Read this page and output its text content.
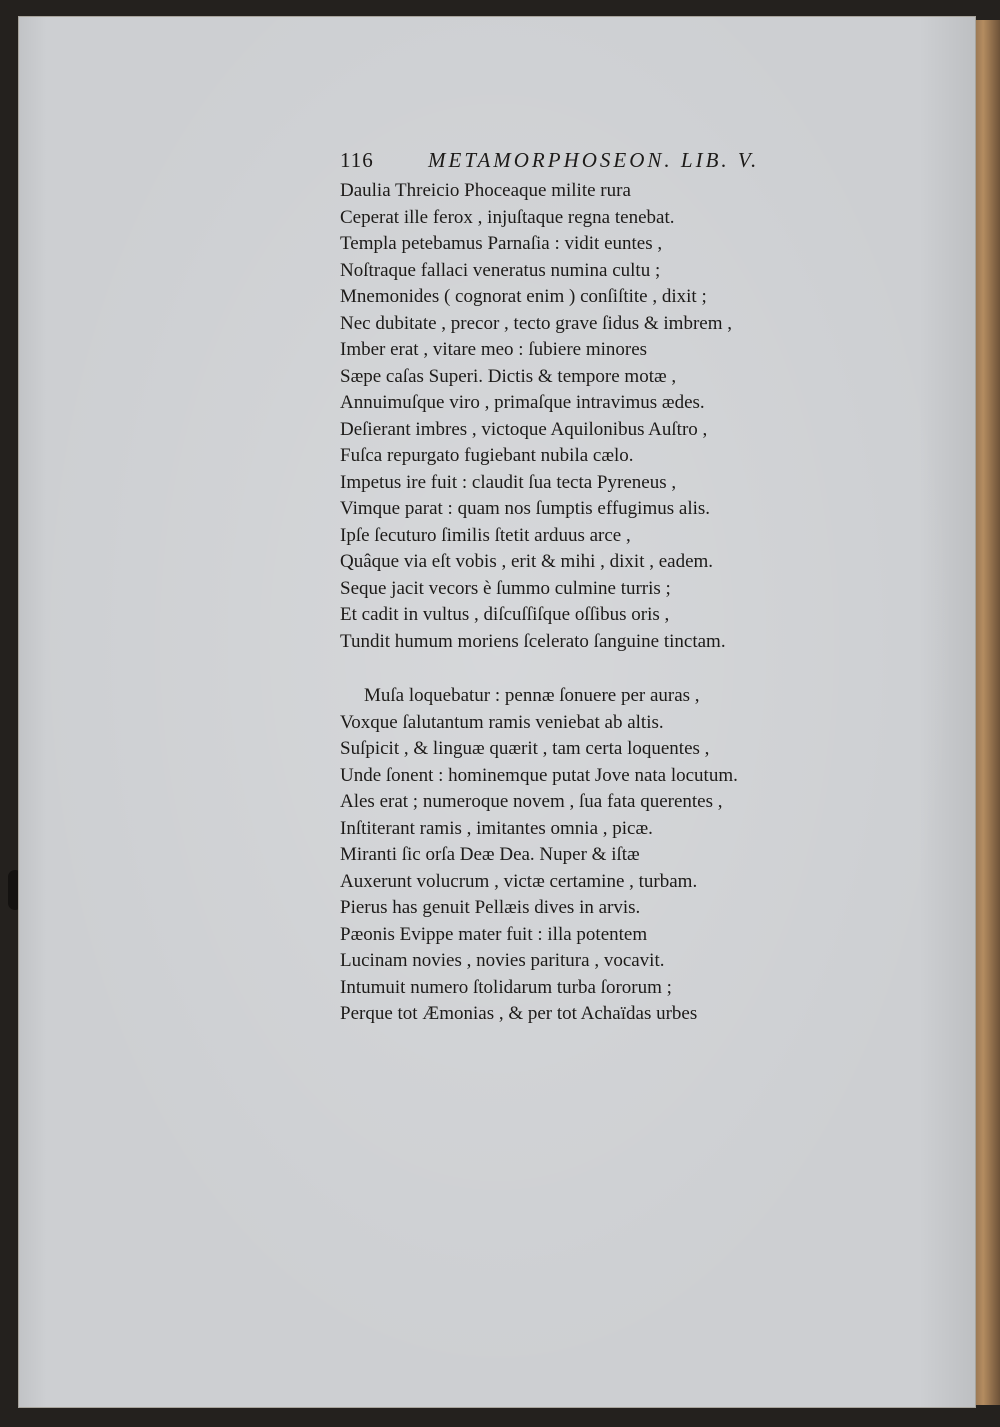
116	METAMORPHOSEON. LIB. V.
Daulia Threicio Phoceaque milite rura
Ceperat ille ferox , injuſtaque regna tenebat.
Templa petebamus Parnaſia : vidit euntes ,
Noſtraque fallaci veneratus numina cultu ;
Mnemonides ( cognorat enim ) conſiſtite , dixit ;
Nec dubitate , precor , tecto grave ſidus & imbrem ,
Imber erat , vitare meo : ſubiere minores
Sæpe caſas Superi. Dictis & tempore motæ ,
Annuimuſque viro , primaſque intravimus ædes.
Deſierant imbres , victoque Aquilonibus Auſtro ,
Fuſca repurgato fugiebant nubila cælo.
Impetus ire fuit : claudit ſua tecta Pyreneus ,
Vimque parat : quam nos ſumptis effugimus alis.
Ipſe ſecuturo ſimilis ſtetit arduus arce ,
Quâque via eſt vobis , erit & mihi , dixit , eadem.
Seque jacit vecors è ſummo culmine turris ;
Et cadit in vultus , diſcuſſiſque oſſibus oris ,
Tundit humum moriens ſcelerato ſanguine tinctam.
Muſa loquebatur : pennæ ſonuere per auras ,
Voxque ſalutantum ramis veniebat ab altis.
Suſpicit , & linguæ quærit , tam certa loquentes ,
Unde ſonent : hominemque putat Jove nata locutum.
Ales erat ; numeroque novem , ſua fata querentes ,
Inſtiterant ramis , imitantes omnia , picæ.
Miranti ſic orſa Deæ Dea. Nuper & iſtæ
Auxerunt volucrum , victæ certamine , turbam.
Pierus has genuit Pellæis dives in arvis.
Pæonis Evippe mater fuit : illa potentem
Lucinam novies , novies paritura , vocavit.
Intumuit numero ſtolidarum turba ſororum ;
Perque tot Æmonias , & per tot Achaïdas urbes
